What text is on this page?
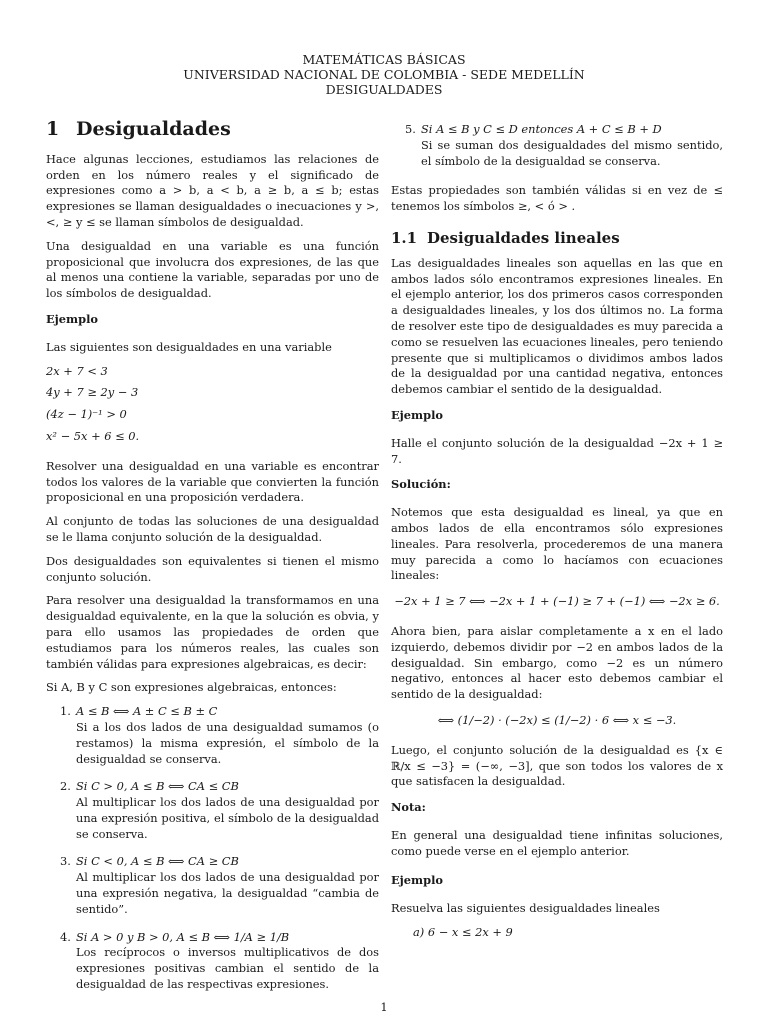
MATEMÁTICAS BÁSICAS
UNIVERSIDAD NACIONAL DE COLOMBIA - SEDE MEDELLÍN
DESIGUALDADES
1 Desigualdades

Hace algunas lecciones, estudiamos las relaciones de orden en los número reales y el significado de expresiones como a > b, a < b, a ≥ b, a ≤ b; estas expresiones se llaman desigualdades o inecuaciones y >, <, ≥ y ≤ se llaman símbolos de desigualdad.

Una desigualdad en una variable es una función proposicional que involucra dos expresiones, de las que al menos una contiene la variable, separadas por uno de los símbolos de desigualdad.

Ejemplo

Las siguientes son desigualdades en una variable

2x + 7 < 3
4y + 7 ≥ 2y − 3
(4z − 1)⁻¹ > 0
x² − 5x + 6 ≤ 0.

Resolver una desigualdad en una variable es encontrar todos los valores de la variable que convierten la función proposicional en una proposición verdadera.

Al conjunto de todas las soluciones de una desigualdad se le llama conjunto solución de la desigualdad.

Dos desigualdades son equivalentes si tienen el mismo conjunto solución.

Para resolver una desigualdad la transformamos en una desigualdad equivalente, en la que la solución es obvia, y para ello usamos las propiedades de orden que estudiamos para los números reales, las cuales son también válidas para expresiones algebraicas, es decir:

Si A, B y C son expresiones algebraicas, entonces:

1. A ≤ B ⟺ A ± C ≤ B ± C
Si a los dos lados de una desigualdad sumamos (o restamos) la misma expresión, el símbolo de la desigualdad se conserva.
2. Si C > 0, A ≤ B ⟺ CA ≤ CB
Al multiplicar los dos lados de una desigualdad por una expresión positiva, el símbolo de la desigualdad se conserva.
3. Si C < 0, A ≤ B ⟺ CA ≥ CB
Al multiplicar los dos lados de una desigualdad por una expresión negativa, la desigualdad “cambia de sentido”.
4. Si A > 0 y B > 0, A ≤ B ⟺ 1/A ≥ 1/B
Los recíprocos o inversos multiplicativos de dos expresiones positivas cambian el sentido de la desigualdad de las respectivas expresiones.
5. Si A ≤ B y C ≤ D entonces A + C ≤ B + D
Si se suman dos desigualdades del mismo sentido, el símbolo de la desigualdad se conserva.

Estas propiedades son también válidas si en vez de ≤ tenemos los símbolos ≥, < ó > .

1.1 Desigualdades lineales

Las desigualdades lineales son aquellas en las que en ambos lados sólo encontramos expresiones lineales. En el ejemplo anterior, los dos primeros casos corresponden a desigualdades lineales, y los dos últimos no. La forma de resolver este tipo de desigualdades es muy parecida a como se resuelven las ecuaciones lineales, pero teniendo presente que si multiplicamos o dividimos ambos lados de la desigualdad por una cantidad negativa, entonces debemos cambiar el sentido de la desigualdad.

Ejemplo

Halle el conjunto solución de la desigualdad −2x + 1 ≥ 7.

Solución:

Notemos que esta desigualdad es lineal, ya que en ambos lados de ella encontramos sólo expresiones lineales. Para resolverla, procederemos de una manera muy parecida a como lo hacíamos con ecuaciones lineales:

−2x + 1 ≥ 7 ⟺ −2x + 1 + (−1) ≥ 7 + (−1) ⟺ −2x ≥ 6.

Ahora bien, para aislar completamente a x en el lado izquierdo, debemos dividir por −2 en ambos lados de la desigualdad. Sin embargo, como −2 es un número negativo, entonces al hacer esto debemos cambiar el sentido de la desigualdad:

⟺ (1/−2) · (−2x) ≤ (1/−2) · 6 ⟺ x ≤ −3.

Luego, el conjunto solución de la desigualdad es {x ∈ ℝ/x ≤ −3} = (−∞, −3], que son todos los valores de x que satisfacen la desigualdad.

Nota:

En general una desigualdad tiene infinitas soluciones, como puede verse en el ejemplo anterior.

Ejemplo

Resuelva las siguientes desigualdades lineales

a) 6 − x ≤ 2x + 9
1
